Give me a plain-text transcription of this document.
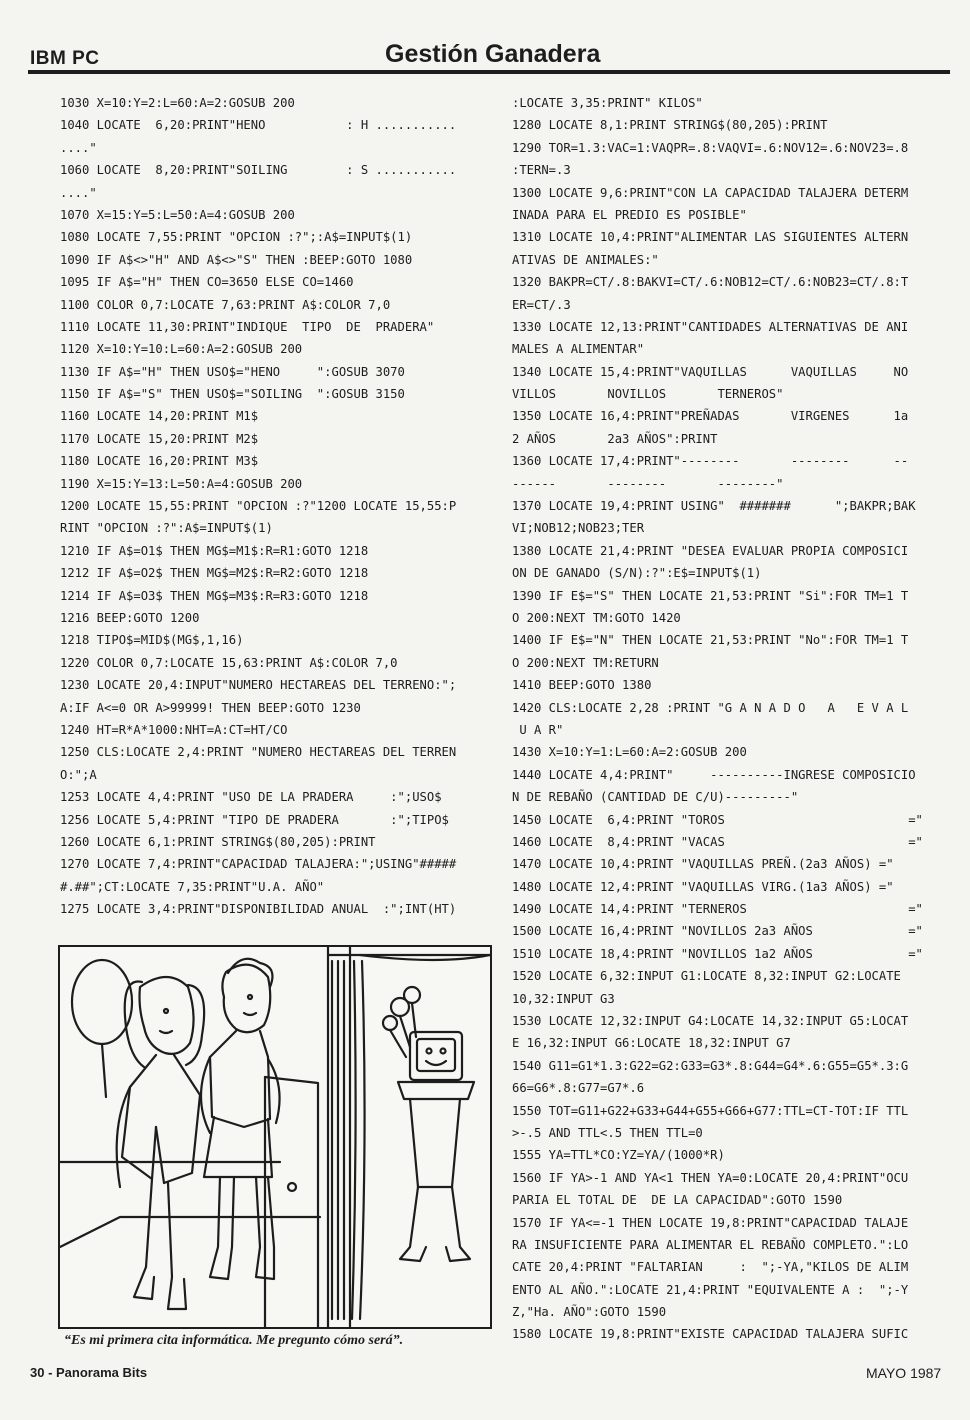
IBM PC	Gestión Ganadera
1030 X=10:Y=2:L=60:A=2:GOSUB 200
1040 LOCATE  6,20:PRINT"HENO           : H ...........
...."
1060 LOCATE  8,20:PRINT"SOILING        : S ...........
...."
1070 X=15:Y=5:L=50:A=4:GOSUB 200
1080 LOCATE 7,55:PRINT "OPCION :?";:A$=INPUT$(1)
1090 IF A$<>"H" AND A$<>"S" THEN :BEEP:GOTO 1080
1095 IF A$="H" THEN CO=3650 ELSE CO=1460
1100 COLOR 0,7:LOCATE 7,63:PRINT A$:COLOR 7,0
1110 LOCATE 11,30:PRINT"INDIQUE  TIPO  DE  PRADERA"
1120 X=10:Y=10:L=60:A=2:GOSUB 200
1130 IF A$="H" THEN USO$="HENO     ":GOSUB 3070
1150 IF A$="S" THEN USO$="SOILING  ":GOSUB 3150
1160 LOCATE 14,20:PRINT M1$
1170 LOCATE 15,20:PRINT M2$
1180 LOCATE 16,20:PRINT M3$
1190 X=15:Y=13:L=50:A=4:GOSUB 200
1200 LOCATE 15,55:PRINT "OPCION :?"1200 LOCATE 15,55:P
RINT "OPCION :?":A$=INPUT$(1)
1210 IF A$=O1$ THEN MG$=M1$:R=R1:GOTO 1218
1212 IF A$=O2$ THEN MG$=M2$:R=R2:GOTO 1218
1214 IF A$=O3$ THEN MG$=M3$:R=R3:GOTO 1218
1216 BEEP:GOTO 1200
1218 TIPO$=MID$(MG$,1,16)
1220 COLOR 0,7:LOCATE 15,63:PRINT A$:COLOR 7,0
1230 LOCATE 20,4:INPUT"NUMERO HECTAREAS DEL TERRENO:";
A:IF A<=0 OR A>99999! THEN BEEP:GOTO 1230
1240 HT=R*A*1000:NHT=A:CT=HT/CO
1250 CLS:LOCATE 2,4:PRINT "NUMERO HECTAREAS DEL TERREN
O:";A
1253 LOCATE 4,4:PRINT "USO DE LA PRADERA     :";USO$
1256 LOCATE 5,4:PRINT "TIPO DE PRADERA       :";TIPO$
1260 LOCATE 6,1:PRINT STRING$(80,205):PRINT
1270 LOCATE 7,4:PRINT"CAPACIDAD TALAJERA:";USING"#####
#.##";CT:LOCATE 7,35:PRINT"U.A. AÑO"
1275 LOCATE 3,4:PRINT"DISPONIBILIDAD ANUAL  :";INT(HT)
:LOCATE 3,35:PRINT" KILOS"
1280 LOCATE 8,1:PRINT STRING$(80,205):PRINT
1290 TOR=1.3:VAC=1:VAQPR=.8:VAQVI=.6:NOV12=.6:NOV23=.8
:TERN=.3
1300 LOCATE 9,6:PRINT"CON LA CAPACIDAD TALAJERA DETERM
INADA PARA EL PREDIO ES POSIBLE"
1310 LOCATE 10,4:PRINT"ALIMENTAR LAS SIGUIENTES ALTERN
ATIVAS DE ANIMALES:"
1320 BAKPR=CT/.8:BAKVI=CT/.6:NOB12=CT/.6:NOB23=CT/.8:T
ER=CT/.3
1330 LOCATE 12,13:PRINT"CANTIDADES ALTERNATIVAS DE ANI
MALES A ALIMENTAR"
1340 LOCATE 15,4:PRINT"VAQUILLAS      VAQUILLAS     NO
VILLOS       NOVILLOS       TERNEROS"
1350 LOCATE 16,4:PRINT"PREÑADAS       VIRGENES      1a
2 AÑOS       2a3 AÑOS":PRINT
1360 LOCATE 17,4:PRINT"--------       --------      --
------       --------       --------"
1370 LOCATE 19,4:PRINT USING"  #######      ";BAKPR;BAK
VI;NOB12;NOB23;TER
1380 LOCATE 21,4:PRINT "DESEA EVALUAR PROPIA COMPOSICI
ON DE GANADO (S/N):?":E$=INPUT$(1)
1390 IF E$="S" THEN LOCATE 21,53:PRINT "Si":FOR TM=1 T
O 200:NEXT TM:GOTO 1420
1400 IF E$="N" THEN LOCATE 21,53:PRINT "No":FOR TM=1 T
O 200:NEXT TM:RETURN
1410 BEEP:GOTO 1380
1420 CLS:LOCATE 2,28 :PRINT "G A N A D O   A   E V A L
U A R"
1430 X=10:Y=1:L=60:A=2:GOSUB 200
1440 LOCATE 4,4:PRINT"     ----------INGRESE COMPOSICIO
N DE REBAÑO (CANTIDAD DE C/U)---------"
1450 LOCATE  6,4:PRINT "TOROS                         ="
1460 LOCATE  8,4:PRINT "VACAS                         ="
1470 LOCATE 10,4:PRINT "VAQUILLAS PREÑ.(2a3 AÑOS) ="
1480 LOCATE 12,4:PRINT "VAQUILLAS VIRG.(1a3 AÑOS) ="
1490 LOCATE 14,4:PRINT "TERNEROS                      ="
1500 LOCATE 16,4:PRINT "NOVILLOS 2a3 AÑOS             ="
1510 LOCATE 18,4:PRINT "NOVILLOS 1a2 AÑOS             ="
1520 LOCATE 6,32:INPUT G1:LOCATE 8,32:INPUT G2:LOCATE
10,32:INPUT G3
1530 LOCATE 12,32:INPUT G4:LOCATE 14,32:INPUT G5:LOCAT
E 16,32:INPUT G6:LOCATE 18,32:INPUT G7
1540 G11=G1*1.3:G22=G2:G33=G3*.8:G44=G4*.6:G55=G5*.3:G
66=G6*.8:G77=G7*.6
1550 TOT=G11+G22+G33+G44+G55+G66+G77:TTL=CT-TOT:IF TTL
>-.5 AND TTL<.5 THEN TTL=0
1555 YA=TTL*CO:YZ=YA/(1000*R)
1560 IF YA>-1 AND YA<1 THEN YA=0:LOCATE 20,4:PRINT"OCU
PARIA EL TOTAL DE  DE LA CAPACIDAD":GOTO 1590
1570 IF YA<=-1 THEN LOCATE 19,8:PRINT"CAPACIDAD TALAJE
RA INSUFICIENTE PARA ALIMENTAR EL REBAÑO COMPLETO.":LO
CATE 20,4:PRINT "FALTARIAN     :  ";-YA,"KILOS DE ALIM
ENTO AL AÑO.":LOCATE 21,4:PRINT "EQUIVALENTE A :  ";-Y
Z,"Ha. AÑO":GOTO 1590
1580 LOCATE 19,8:PRINT"EXISTE CAPACIDAD TALAJERA SUFIC
“Es mi primera cita informática. Me pregunto cómo será”.
30 - Panorama Bits	MAYO 1987
